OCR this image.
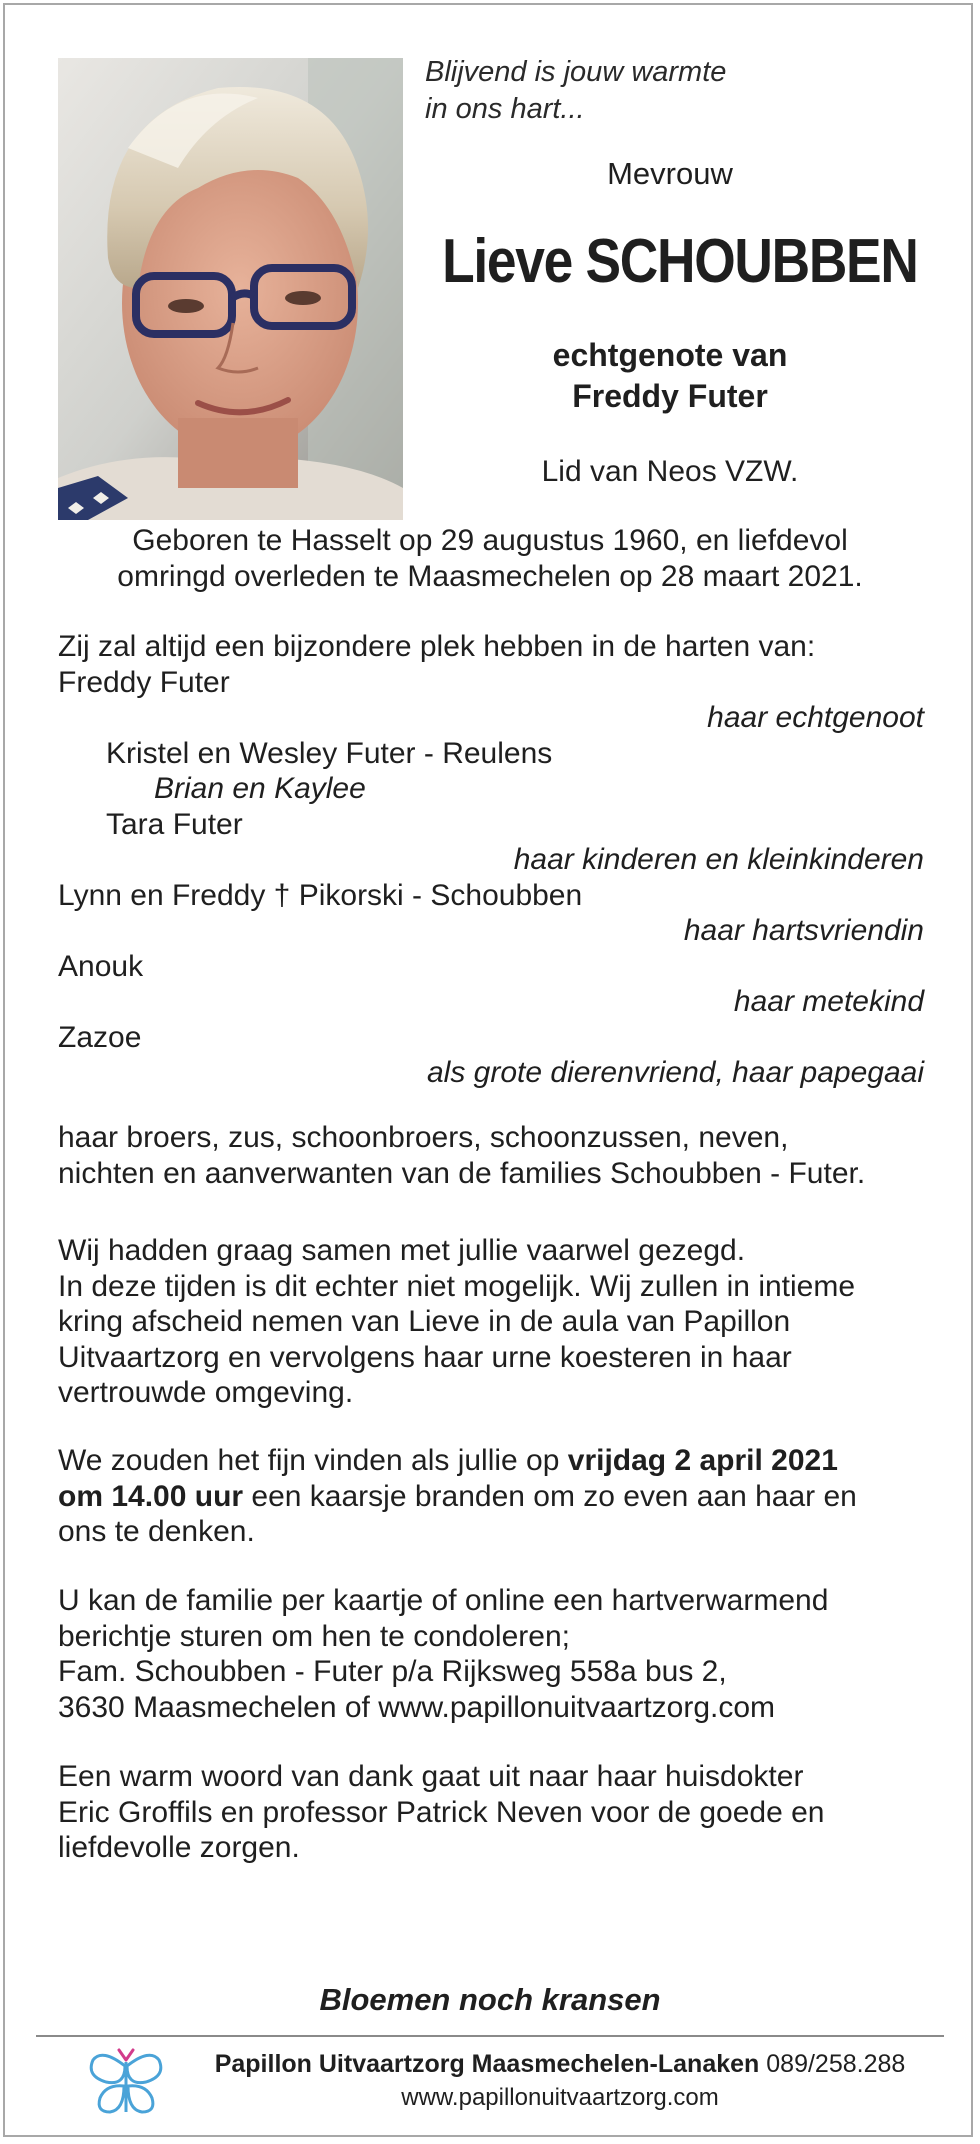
Blijvend is jouw warmte
in ons hart...
Mevrouw
Lieve SCHOUBBEN
echtgenote van
Freddy Futer
Lid van Neos VZW.
Geboren te Hasselt op 29 augustus 1960, en liefdevol
omringd overleden te Maasmechelen op 28 maart 2021.
Zij zal altijd een bijzondere plek hebben in de harten van:
Freddy Futer
haar echtgenoot
Kristel en Wesley Futer - Reulens
Brian en Kaylee
Tara Futer
haar kinderen en kleinkinderen
Lynn en Freddy † Pikorski - Schoubben
haar hartsvriendin
Anouk
haar metekind
Zazoe
als grote dierenvriend, haar papegaai
haar broers, zus, schoonbroers, schoonzussen, neven,
nichten en aanverwanten van de families Schoubben - Futer.
Wij hadden graag samen met jullie vaarwel gezegd.
In deze tijden is dit echter niet mogelijk. Wij zullen in intieme
kring afscheid nemen van Lieve in de aula van Papillon
Uitvaartzorg en vervolgens haar urne koesteren in haar
vertrouwde omgeving.
We zouden het fijn vinden als jullie op vrijdag 2 april 2021
om 14.00 uur een kaarsje branden om zo even aan haar en
ons te denken.
U kan de familie per kaartje of online een hartverwarmend
berichtje sturen om hen te condoleren;
Fam. Schoubben - Futer p/a Rijksweg 558a bus 2,
3630 Maasmechelen of www.papillonuitvaartzorg.com
Een warm woord van dank gaat uit naar haar huisdokter
Eric Groffils en professor Patrick Neven voor de goede en
liefdevolle zorgen.
Bloemen noch kransen
Papillon Uitvaartzorg Maasmechelen-Lanaken 089/258.288
www.papillonuitvaartzorg.com
